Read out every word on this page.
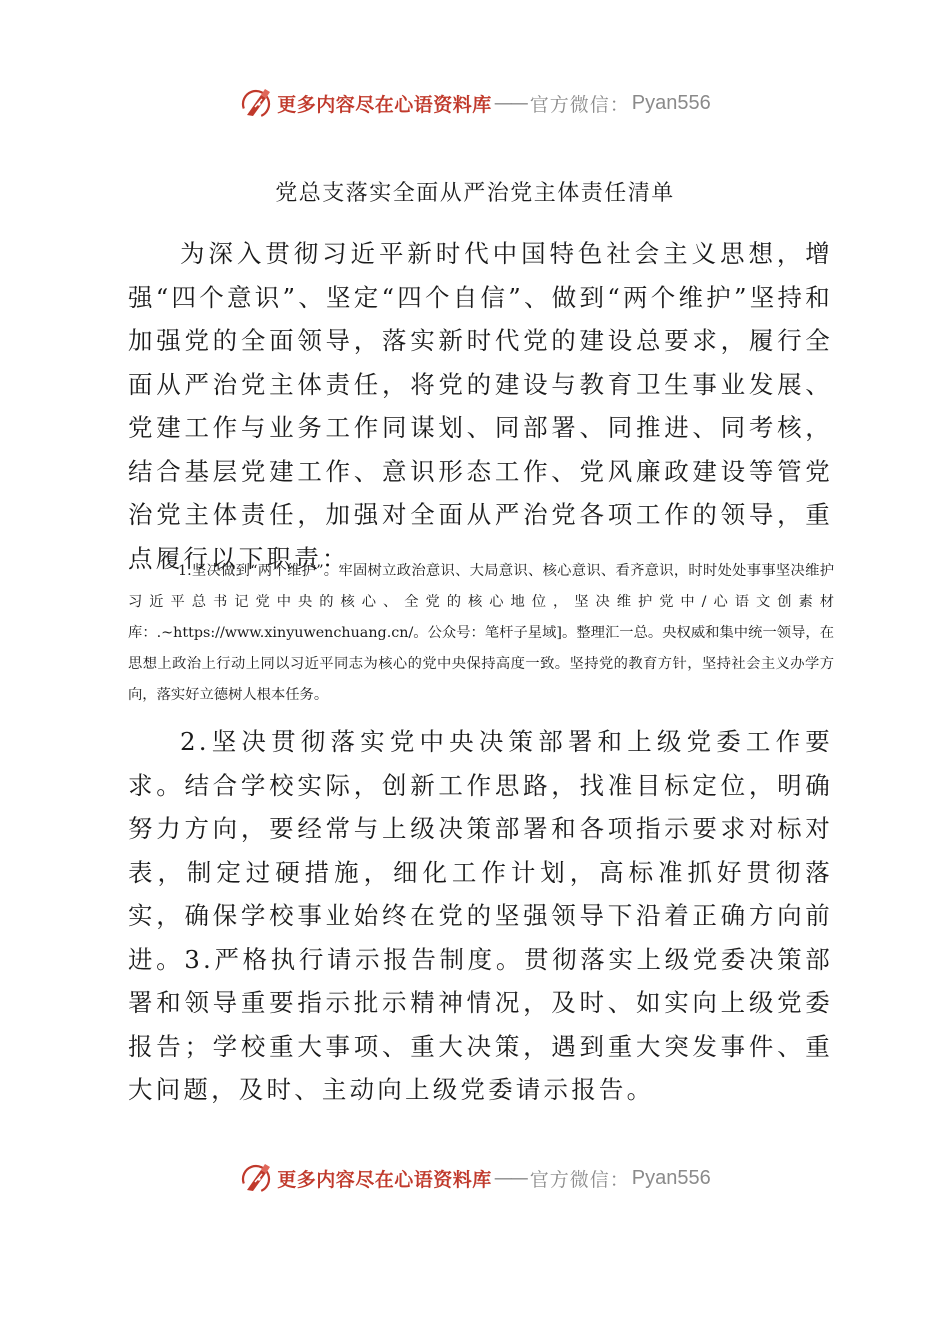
更多内容尽在心语资料库 —— 官方微信： Pyan556
党总支落实全面从严治党主体责任清单
为深入贯彻习近平新时代中国特色社会主义思想，增强“四个意识”、坚定“四个自信”、做到“两个维护”坚持和加强党的全面领导，落实新时代党的建设总要求，履行全面从严治党主体责任，将党的建设与教育卫生事业发展、党建工作与业务工作同谋划、同部署、同推进、同考核，结合基层党建工作、意识形态工作、党风廉政建设等管党治党主体责任，加强对全面从严治党各项工作的领导，重点履行以下职责：
1.坚决做到“两个维护”。牢固树立政治意识、大局意识、核心意识、看齐意识，时时处处事事坚决维护习近平总书记党中央的核心、全党的核心地位，坚决维护党中/心语文创素材库：.~https://www.xinyuwenchuang.cn/。公众号：笔杆子星域]。整理汇一总。央权威和集中统一领导，在思想上政治上行动上同以习近平同志为核心的党中央保持高度一致。坚持党的教育方针，坚持社会主义办学方向，落实好立德树人根本任务。
2.坚决贯彻落实党中央决策部署和上级党委工作要求。结合学校实际，创新工作思路，找准目标定位，明确努力方向，要经常与上级决策部署和各项指示要求对标对表，制定过硬措施，细化工作计划，高标准抓好贯彻落实，确保学校事业始终在党的坚强领导下沿着正确方向前进。3.严格执行请示报告制度。贯彻落实上级党委决策部署和领导重要指示批示精神情况，及时、如实向上级党委报告；学校重大事项、重大决策，遇到重大突发事件、重大问题，及时、主动向上级党委请示报告。
更多内容尽在心语资料库 —— 官方微信： Pyan556
